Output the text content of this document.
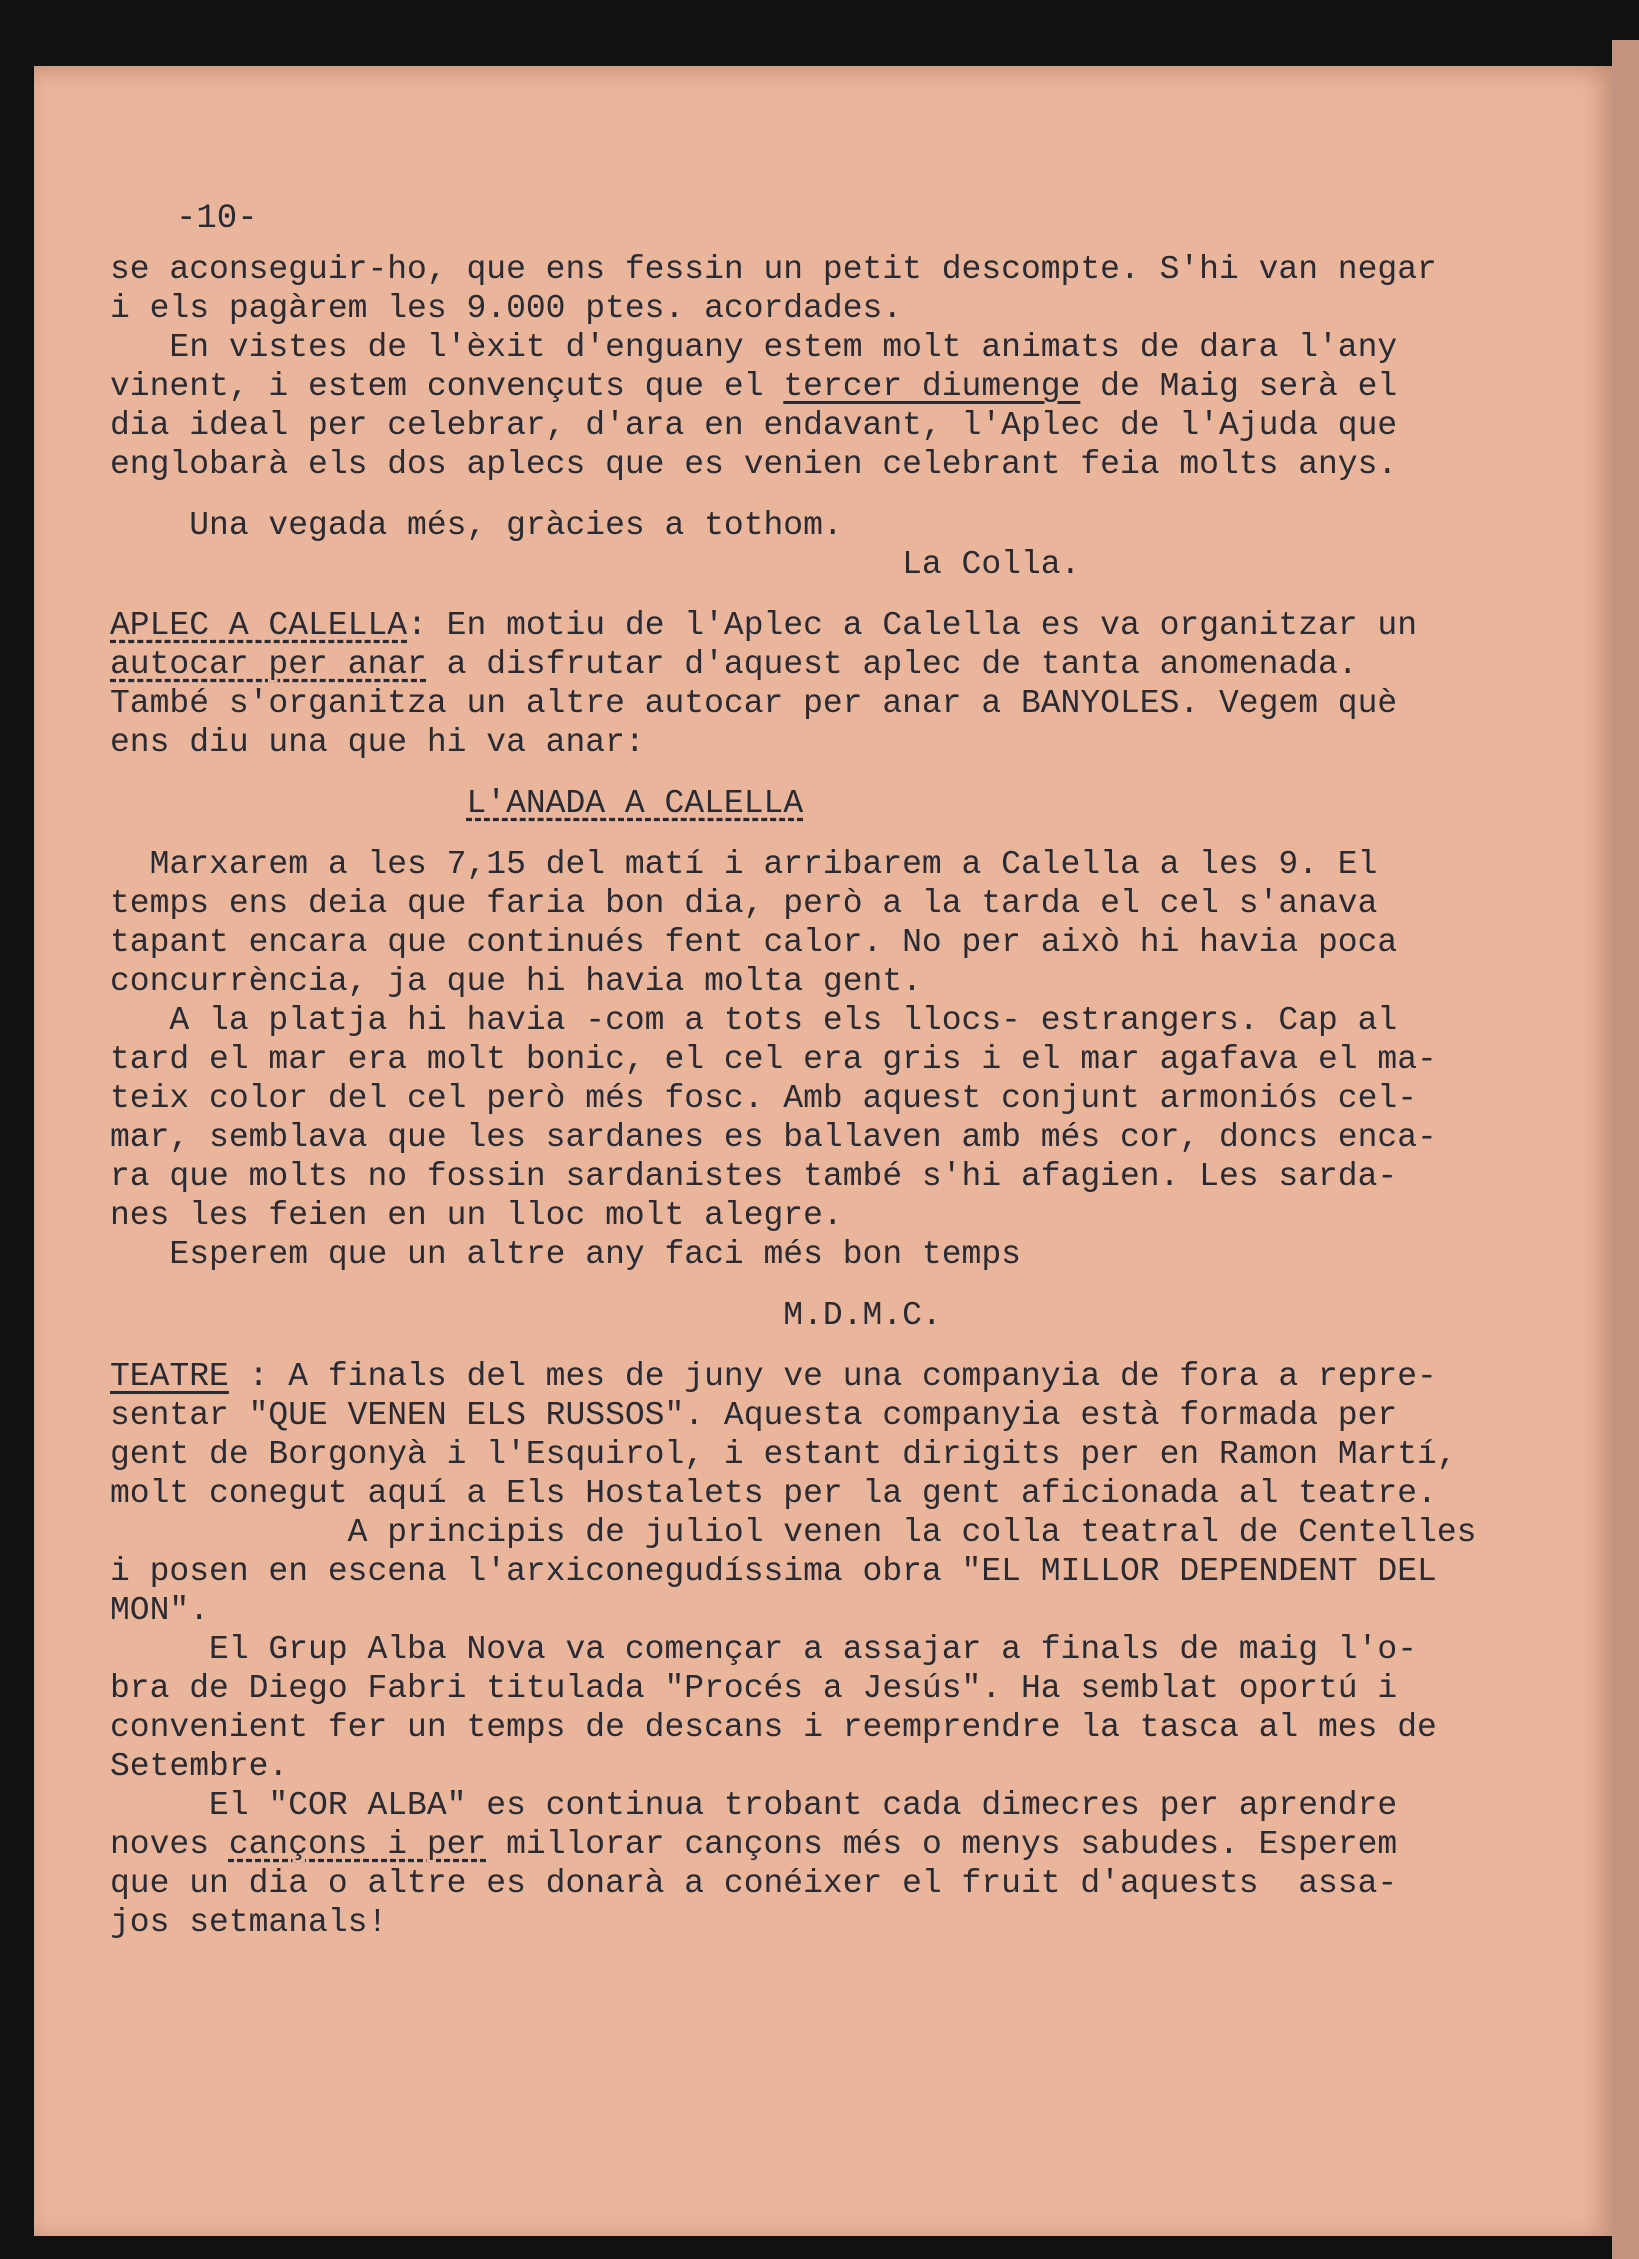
-10-
se aconseguir-ho, que ens fessin un petit descompte. S'hi van negar
i els pagàrem les 9.000 ptes. acordades.
En vistes de l'èxit d'enguany estem molt animats de dara l'any
vinent, i estem convençuts que el tercer diumenge de Maig serà el
dia ideal per celebrar, d'ara en endavant, l'Aplec de l'Ajuda que
englobarà els dos aplecs que es venien celebrant feia molts anys.
Una vegada més, gràcies a tothom.
La Colla.
APLEC A CALELLA: En motiu de l'Aplec a Calella es va organitzar un
autocar per anar a disfrutar d'aquest aplec de tanta anomenada.
També s'organitza un altre autocar per anar a BANYOLES. Vegem què
ens diu una que hi va anar:
L'ANADA A CALELLA
Marxarem a les 7,15 del matí i arribarem a Calella a les 9. El
temps ens deia que faria bon dia, però a la tarda el cel s'anava
tapant encara que continués fent calor. No per això hi havia poca
concurrència, ja que hi havia molta gent.
A la platja hi havia -com a tots els llocs- estrangers. Cap al
tard el mar era molt bonic, el cel era gris i el mar agafava el ma-
teix color del cel però més fosc. Amb aquest conjunt armoniós cel-
mar, semblava que les sardanes es ballaven amb més cor, doncs enca-
ra que molts no fossin sardanistes també s'hi afagien. Les sarda-
nes les feien en un lloc molt alegre.
Esperem que un altre any faci més bon temps
M.D.M.C.
TEATRE : A finals del mes de juny ve una companyia de fora a repre-
sentar "QUE VENEN ELS RUSSOS". Aquesta companyia està formada per
gent de Borgonyà i l'Esquirol, i estant dirigits per en Ramon Martí,
molt conegut aquí a Els Hostalets per la gent aficionada al teatre.
A principis de juliol venen la colla teatral de Centelles
i posen en escena l'arxiconegudíssima obra "EL MILLOR DEPENDENT DEL
MON".
El Grup Alba Nova va començar a assajar a finals de maig l'o-
bra de Diego Fabri titulada "Procés a Jesús". Ha semblat oportú i
convenient fer un temps de descans i reemprendre la tasca al mes de
Setembre.
El "COR ALBA" es continua trobant cada dimecres per aprendre
noves cançons i per millorar cançons més o menys sabudes. Esperem
que un dia o altre es donarà a conéixer el fruit d'aquests  assa-
jos setmanals!
